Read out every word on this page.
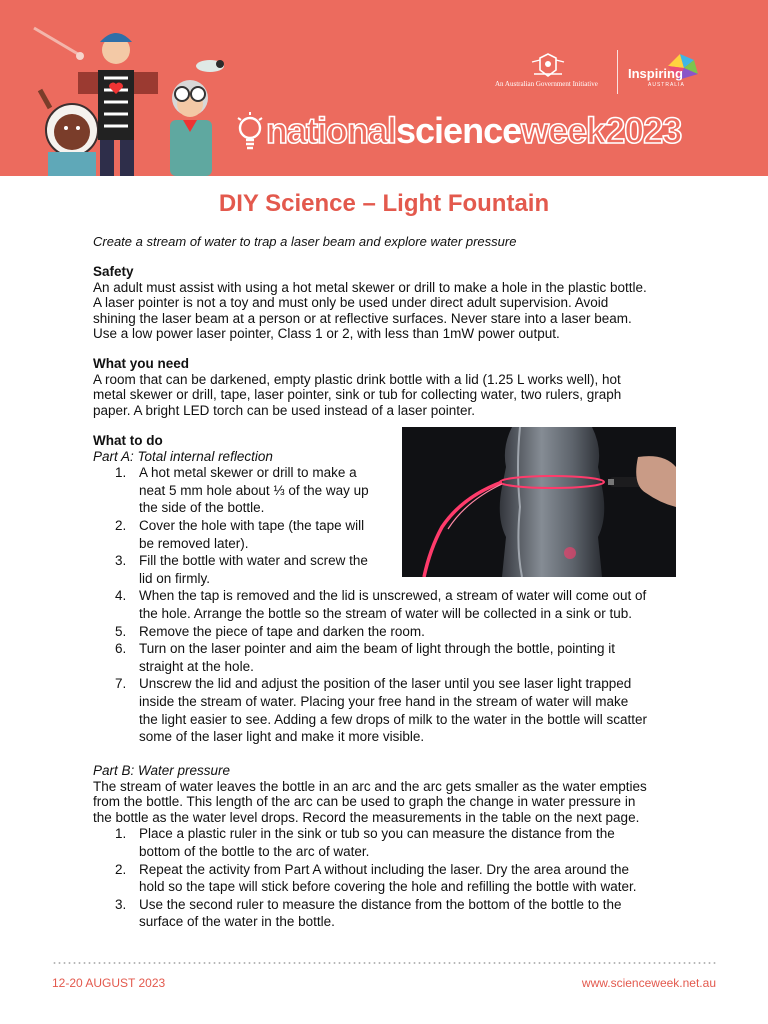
An Australian Government Initiative
Inspiring
AUSTRALIA
nationalscienceweek2023
DIY Science – Light Fountain
Create a stream of water to trap a laser beam and explore water pressure
Safety
An adult must assist with using a hot metal skewer or drill to make a hole in the plastic bottle.
A laser pointer is not a toy and must only be used under direct adult supervision. Avoid
shining the laser beam at a person or at reflective surfaces. Never stare into a laser beam.
Use a low power laser pointer, Class 1 or 2, with less than 1mW power output.
What you need
A room that can be darkened, empty plastic drink bottle with a lid (1.25 L works well), hot
metal skewer or drill, tape, laser pointer, sink or tub for collecting water, two rulers, graph
paper. A bright LED torch can be used instead of a laser pointer.
What to do
Part A: Total internal reflection
1. A hot metal skewer or drill to make a
neat 5 mm hole about ⅓ of the way up
the side of the bottle.
2. Cover the hole with tape (the tape will
be removed later).
3. Fill the bottle with water and screw the
lid on firmly.
4. When the tap is removed and the lid is unscrewed, a stream of water will come out of
the hole. Arrange the bottle so the stream of water will be collected in a sink or tub.
5. Remove the piece of tape and darken the room.
6. Turn on the laser pointer and aim the beam of light through the bottle, pointing it
straight at the hole.
7. Unscrew the lid and adjust the position of the laser until you see laser light trapped
inside the stream of water. Placing your free hand in the stream of water will make
the light easier to see. Adding a few drops of milk to the water in the bottle will scatter
some of the laser light and make it more visible.
Part B: Water pressure
The stream of water leaves the bottle in an arc and the arc gets smaller as the water empties
from the bottle. This length of the arc can be used to graph the change in water pressure in
the bottle as the water level drops. Record the measurements in the table on the next page.
1. Place a plastic ruler in the sink or tub so you can measure the distance from the
bottom of the bottle to the arc of water.
2. Repeat the activity from Part A without including the laser. Dry the area around the
hold so the tape will stick before covering the hole and refilling the bottle with water.
3. Use the second ruler to measure the distance from the bottom of the bottle to the
surface of the water in the bottle.
12-20 AUGUST 2023	www.scienceweek.net.au
